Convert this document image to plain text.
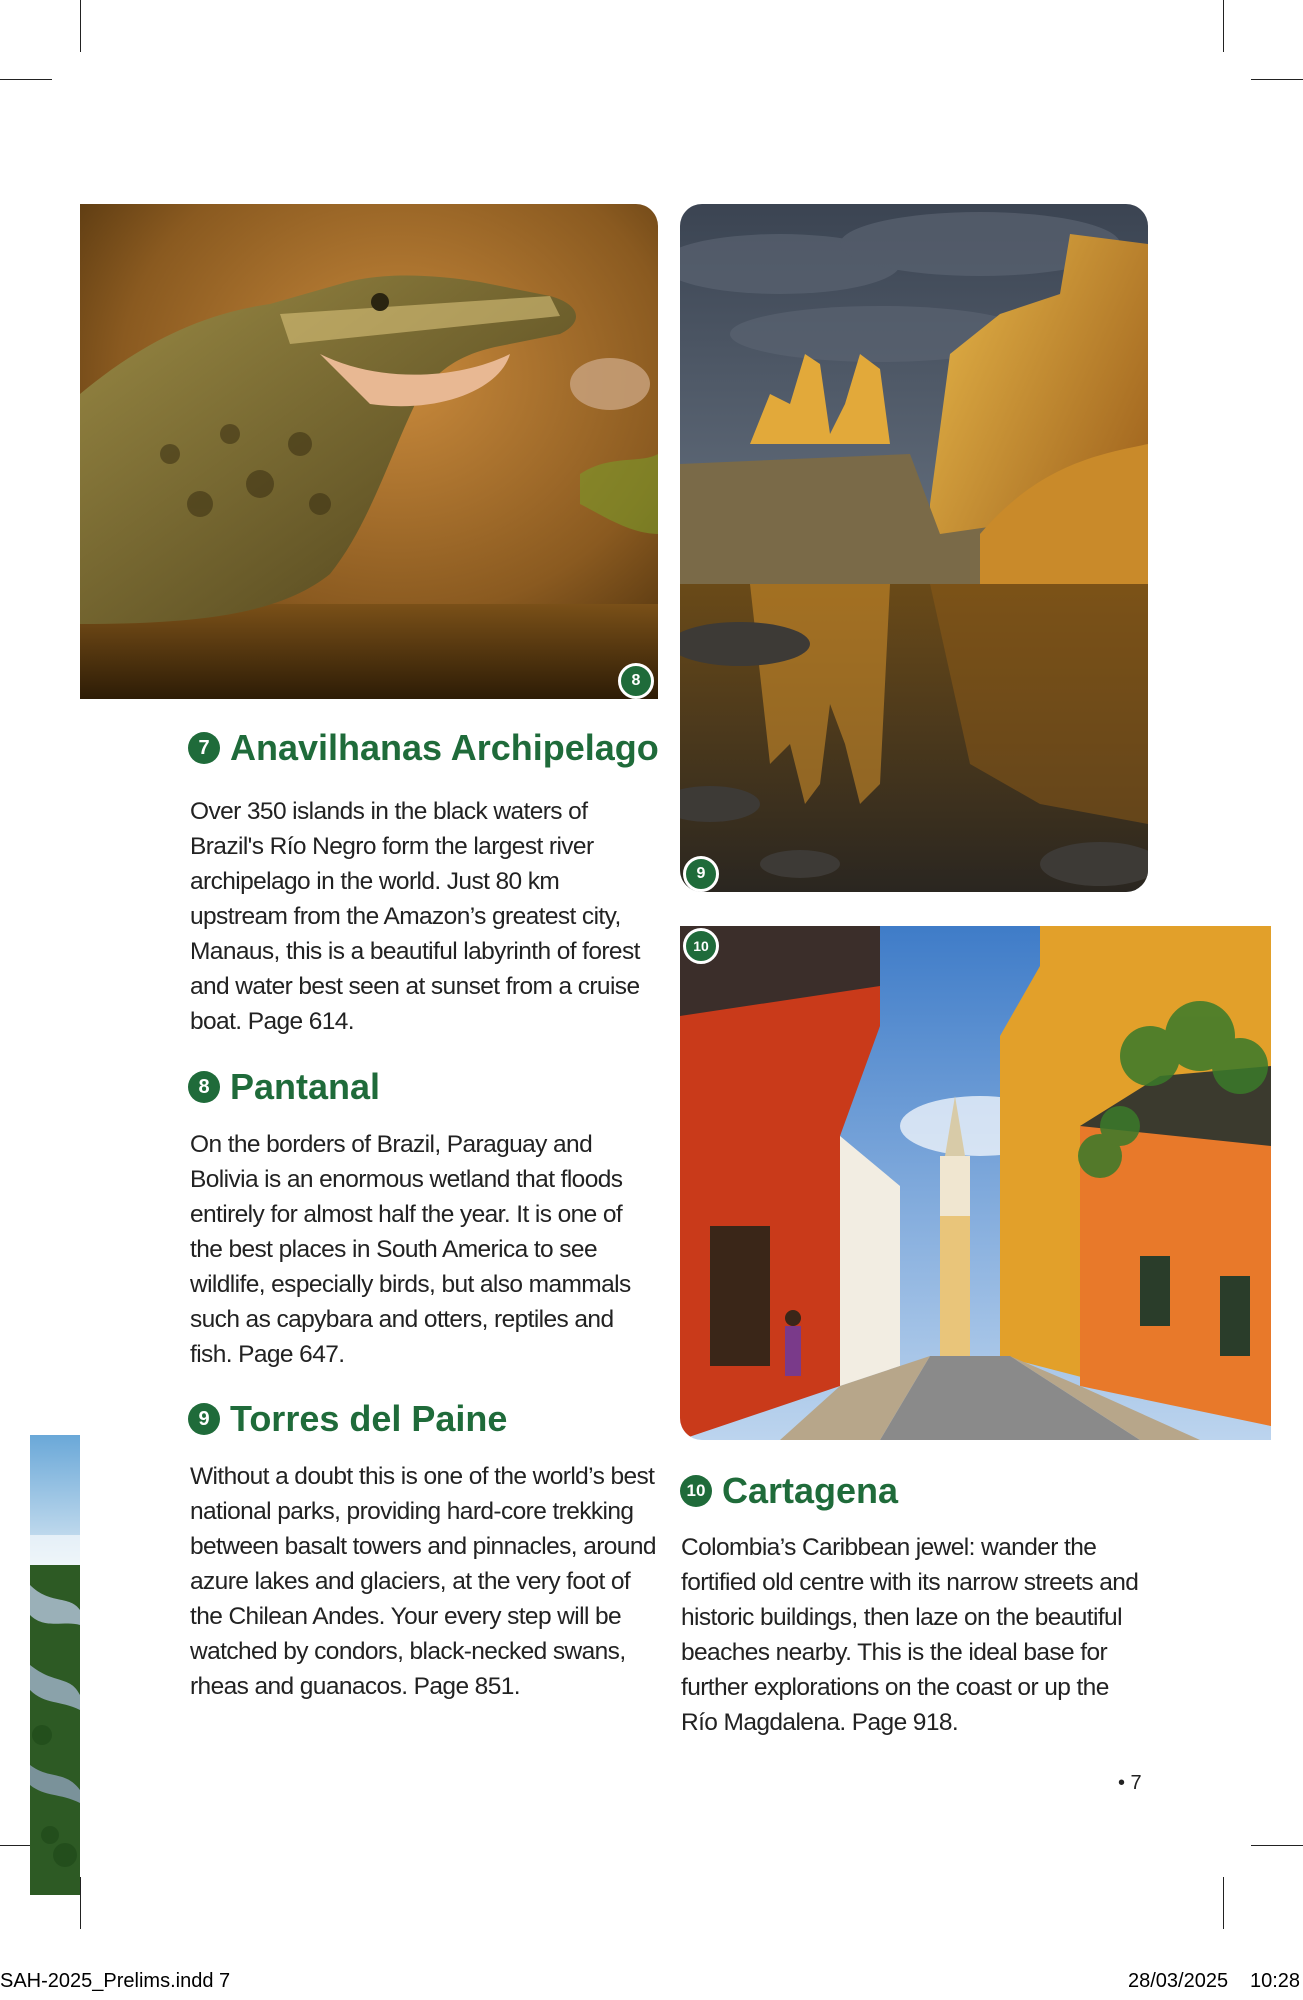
8
9
10
7 Anavilhanas Archipelago
Over 350 islands in the black waters of Brazil's Río Negro form the largest river archipelago in the world. Just 80 km upstream from the Amazon’s greatest city, Manaus, this is a beautiful labyrinth of forest and water best seen at sunset from a cruise boat. Page 614.
8 Pantanal
On the borders of Brazil, Paraguay and Bolivia is an enormous wetland that floods entirely for almost half the year. It is one of the best places in South America to see wildlife, especially birds, but also mammals such as capybara and otters, reptiles and fish. Page 647.
9 Torres del Paine
Without a doubt this is one of the world’s best national parks, providing hard-core trekking between basalt towers and pinnacles, around azure lakes and glaciers, at the very foot of the Chilean Andes. Your every step will be watched by condors, black-necked swans, rheas and guanacos. Page 851.
10 Cartagena
Colombia’s Caribbean jewel: wander the fortified old centre with its narrow streets and historic buildings, then laze on the beautiful beaches nearby. This is the ideal base for further explorations on the coast or up the Río Magdalena. Page 918.
• 7
SAH-2025_Prelims.indd 7	28/03/2025 10:28
